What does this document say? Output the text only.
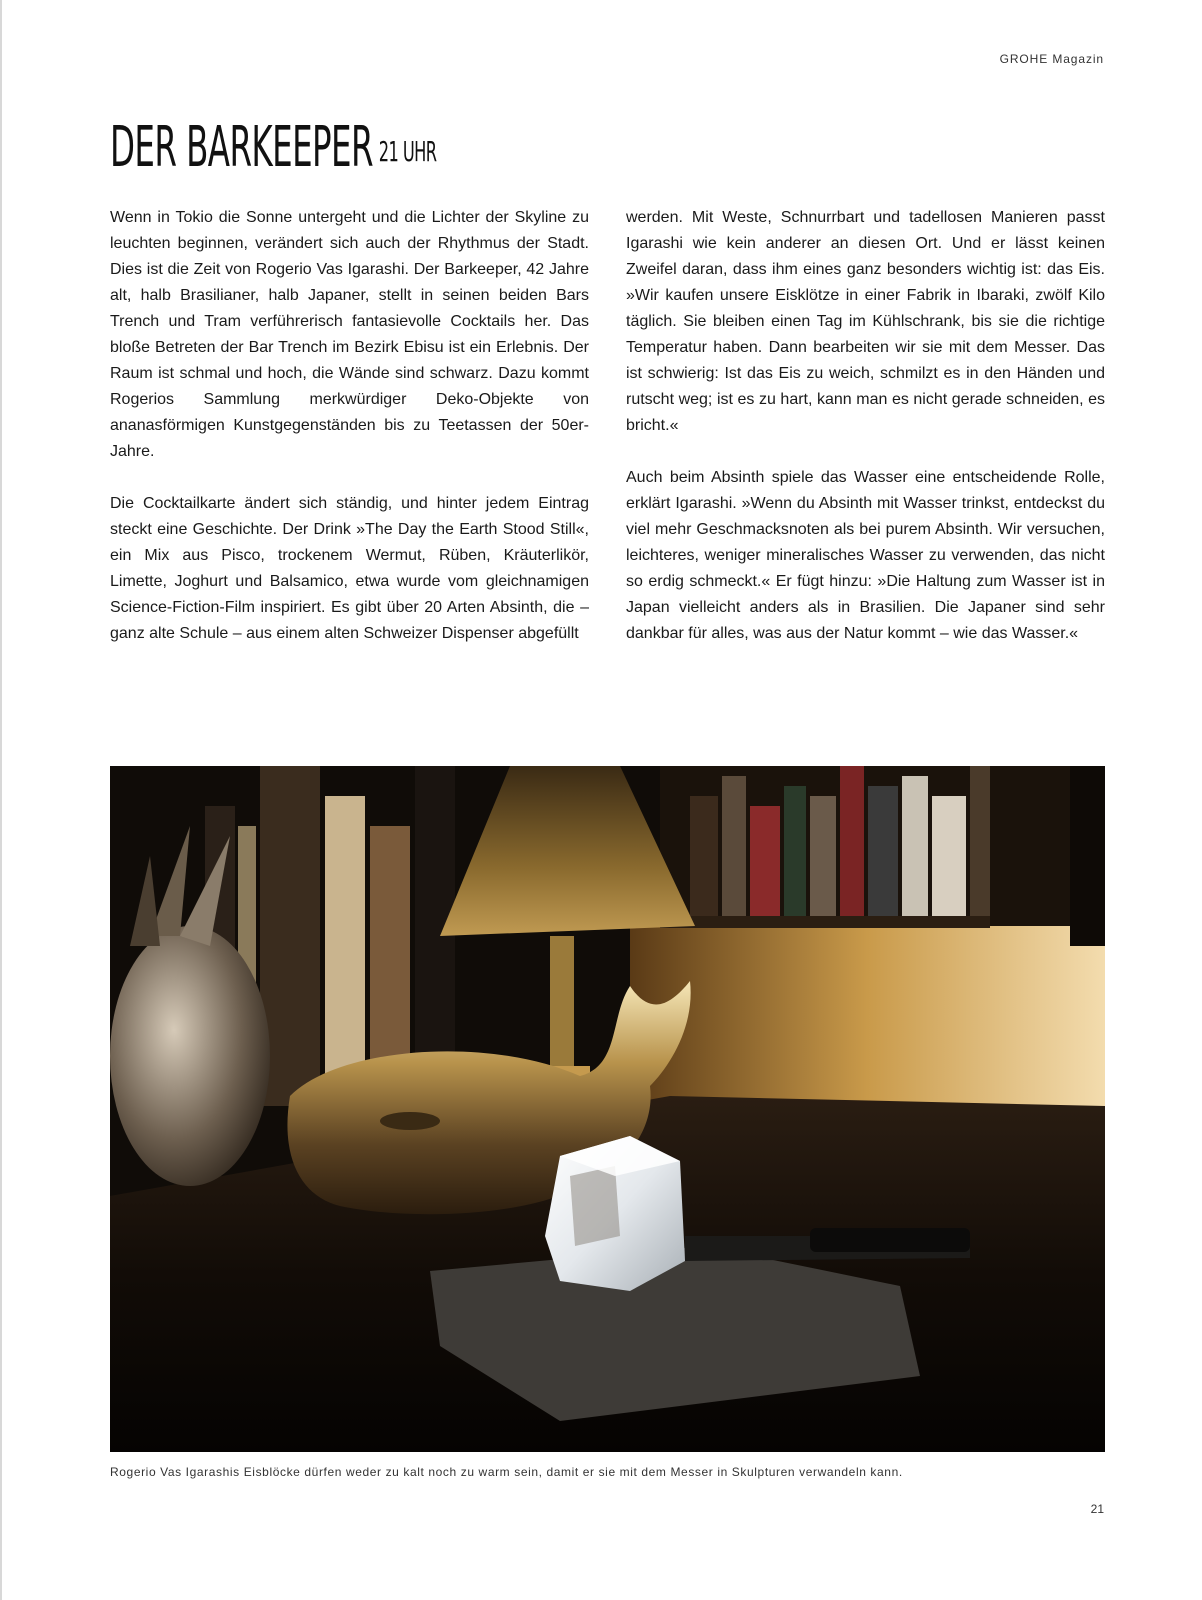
GROHE Magazin
DER BARKEEPER $^{21 UHR}$

Wenn in Tokio die Sonne untergeht und die Lichter der Skyline zu leuchten beginnen, verändert sich auch der Rhythmus der Stadt. Dies ist die Zeit von Rogerio Vas Igarashi. Der Barkeeper, 42 Jahre alt, halb Brasilianer, halb Japaner, stellt in seinen beiden Bars Trench und Tram verführerisch fantasievolle Cocktails her. Das bloße Betreten der Bar Trench im Bezirk Ebisu ist ein Erlebnis. Der Raum ist schmal und hoch, die Wände sind schwarz. Dazu kommt Rogerios Sammlung merkwürdiger Deko-Objekte von ananasförmigen Kunstgegenständen bis zu Teetassen der 50er-Jahre.

Die Cocktailkarte ändert sich ständig, und hinter jedem Eintrag steckt eine Geschichte. Der Drink »The Day the Earth Stood Still«, ein Mix aus Pisco, trockenem Wermut, Rüben, Kräuterlikör, Limette, Joghurt und Balsamico, etwa wurde vom gleichnamigen Science-Fiction-Film inspiriert. Es gibt über 20 Arten Absinth, die – ganz alte Schule – aus einem alten Schweizer Dispenser abgefüllt

werden. Mit Weste, Schnurrbart und tadellosen Manieren passt Igarashi wie kein anderer an diesen Ort. Und er lässt keinen Zweifel daran, dass ihm eines ganz besonders wichtig ist: das Eis. »Wir kaufen unsere Eisklötze in einer Fabrik in Ibaraki, zwölf Kilo täglich. Sie bleiben einen Tag im Kühlschrank, bis sie die richtige Temperatur haben. Dann bearbeiten wir sie mit dem Messer. Das ist schwierig: Ist das Eis zu weich, schmilzt es in den Händen und rutscht weg; ist es zu hart, kann man es nicht gerade schneiden, es bricht.«

Auch beim Absinth spiele das Wasser eine entscheidende Rolle, erklärt Igarashi. »Wenn du Absinth mit Wasser trinkst, entdeckst du viel mehr Geschmacksnoten als bei purem Absinth. Wir versuchen, leichteres, weniger mineralisches Wasser zu verwenden, das nicht so erdig schmeckt.« Er fügt hinzu: »Die Haltung zum Wasser ist in Japan vielleicht anders als in Brasilien. Die Japaner sind sehr dankbar für alles, was aus der Natur kommt – wie das Wasser.«

Rogerio Vas Igarashis Eisblöcke dürfen weder zu kalt noch zu warm sein, damit er sie mit dem Messer in Skulpturen verwandeln kann.
21
